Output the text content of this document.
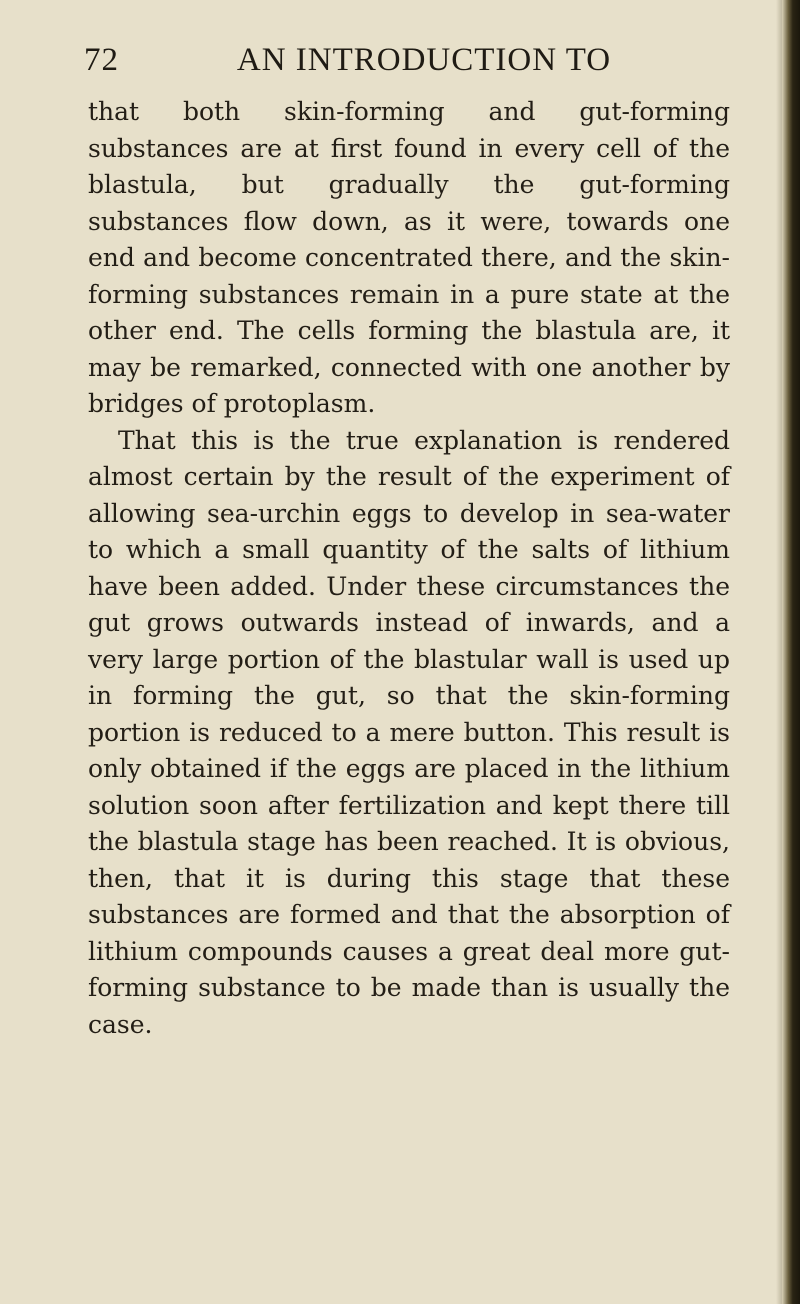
72	AN INTRODUCTION TO

that both skin-forming and gut-forming substances are at first found in every cell of the blastula, but gradually the gut-forming substances flow down, as it were, towards one end and become concentrated there, and the skin-forming substances remain in a pure state at the other end. The cells forming the blastula are, it may be remarked, connected with one another by bridges of protoplasm.

That this is the true explanation is rendered almost certain by the result of the experiment of allowing sea-urchin eggs to develop in sea-water to which a small quantity of the salts of lithium have been added. Under these circumstances the gut grows outwards instead of inwards, and a very large portion of the blastular wall is used up in forming the gut, so that the skin-forming portion is reduced to a mere button. This result is only obtained if the eggs are placed in the lithium solution soon after fertilization and kept there till the blastula stage has been reached. It is obvious, then, that it is during this stage that these substances are formed and that the absorption of lithium compounds causes a great deal more gut-forming substance to be made than is usually the case.
